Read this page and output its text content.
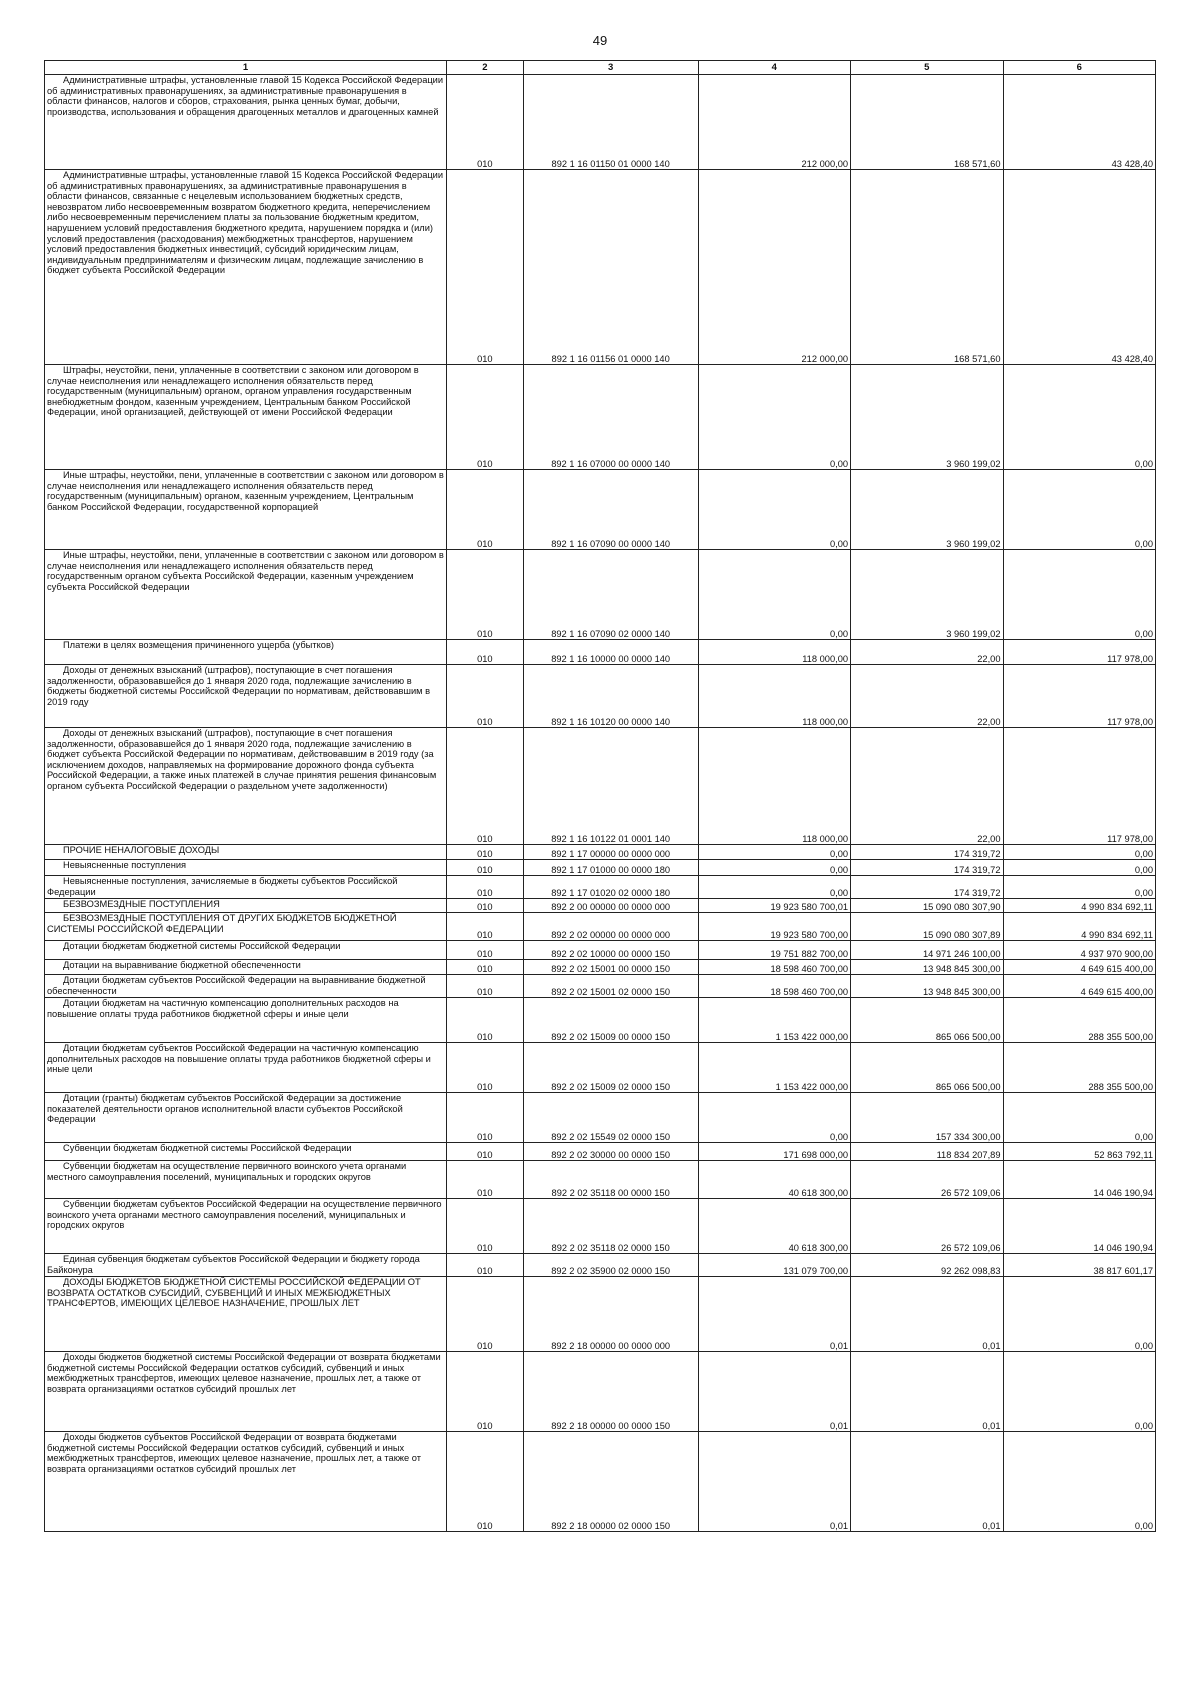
49
1	2	3	4	5	6
Административные штрафы, установленные главой 15 Кодекса Российской Федерации об административных правонарушениях, за административные правонарушения в области финансов, налогов и сборов, страхования, рынка ценных бумаг, добычи, производства, использования и обращения драгоценных металлов и драгоценных камней	010	892 1 16 01150 01 0000 140	212 000,00	168 571,60	43 428,40
Административные штрафы, установленные главой 15 Кодекса Российской Федерации об административных правонарушениях, за административные правонарушения в области финансов, связанные с нецелевым использованием бюджетных средств, невозвратом либо несвоевременным возвратом бюджетного кредита, неперечислением либо несвоевременным перечислением платы за пользование бюджетным кредитом, нарушением условий предоставления бюджетного кредита, нарушением порядка и (или) условий предоставления (расходования) межбюджетных трансфертов, нарушением условий предоставления бюджетных инвестиций, субсидий юридическим лицам, индивидуальным предпринимателям и физическим лицам, подлежащие зачислению в бюджет субъекта Российской Федерации	010	892 1 16 01156 01 0000 140	212 000,00	168 571,60	43 428,40
Штрафы, неустойки, пени, уплаченные в соответствии с законом или договором в случае неисполнения или ненадлежащего исполнения обязательств перед государственным (муниципальным) органом, органом управления государственным внебюджетным фондом, казенным учреждением, Центральным банком Российской Федерации, иной организацией, действующей от имени Российской Федерации	010	892 1 16 07000 00 0000 140	0,00	3 960 199,02	0,00
Иные штрафы, неустойки, пени, уплаченные в соответствии с законом или договором в случае неисполнения или ненадлежащего исполнения обязательств перед государственным (муниципальным) органом, казенным учреждением, Центральным банком Российской Федерации, государственной корпорацией	010	892 1 16 07090 00 0000 140	0,00	3 960 199,02	0,00
Иные штрафы, неустойки, пени, уплаченные в соответствии с законом или договором в случае неисполнения или ненадлежащего исполнения обязательств перед государственным органом субъекта Российской Федерации, казенным учреждением субъекта Российской Федерации	010	892 1 16 07090 02 0000 140	0,00	3 960 199,02	0,00
Платежи в целях возмещения причиненного ущерба (убытков)	010	892 1 16 10000 00 0000 140	118 000,00	22,00	117 978,00
Доходы от денежных взысканий (штрафов), поступающие в счет погашения задолженности, образовавшейся до 1 января 2020 года, подлежащие зачислению в бюджеты бюджетной системы Российской Федерации по нормативам, действовавшим в 2019 году	010	892 1 16 10120 00 0000 140	118 000,00	22,00	117 978,00
Доходы от денежных взысканий (штрафов), поступающие в счет погашения задолженности, образовавшейся до 1 января 2020 года, подлежащие зачислению в бюджет субъекта Российской Федерации по нормативам, действовавшим в 2019 году (за исключением доходов, направляемых на формирование дорожного фонда субъекта Российской Федерации, а также иных платежей в случае принятия решения финансовым органом субъекта Российской Федерации о раздельном учете задолженности)	010	892 1 16 10122 01 0001 140	118 000,00	22,00	117 978,00
ПРОЧИЕ НЕНАЛОГОВЫЕ ДОХОДЫ	010	892 1 17 00000 00 0000 000	0,00	174 319,72	0,00
Невыясненные поступления	010	892 1 17 01000 00 0000 180	0,00	174 319,72	0,00
Невыясненные поступления, зачисляемые в бюджеты субъектов Российской Федерации	010	892 1 17 01020 02 0000 180	0,00	174 319,72	0,00
БЕЗВОЗМЕЗДНЫЕ ПОСТУПЛЕНИЯ	010	892 2 00 00000 00 0000 000	19 923 580 700,01	15 090 080 307,90	4 990 834 692,11
БЕЗВОЗМЕЗДНЫЕ ПОСТУПЛЕНИЯ ОТ ДРУГИХ БЮДЖЕТОВ БЮДЖЕТНОЙ СИСТЕМЫ РОССИЙСКОЙ ФЕДЕРАЦИИ	010	892 2 02 00000 00 0000 000	19 923 580 700,00	15 090 080 307,89	4 990 834 692,11
Дотации бюджетам бюджетной системы Российской Федерации	010	892 2 02 10000 00 0000 150	19 751 882 700,00	14 971 246 100,00	4 937 970 900,00
Дотации на выравнивание бюджетной обеспеченности	010	892 2 02 15001 00 0000 150	18 598 460 700,00	13 948 845 300,00	4 649 615 400,00
Дотации бюджетам субъектов Российской Федерации на выравнивание бюджетной обеспеченности	010	892 2 02 15001 02 0000 150	18 598 460 700,00	13 948 845 300,00	4 649 615 400,00
Дотации бюджетам на частичную компенсацию дополнительных расходов на повышение оплаты труда работников бюджетной сферы и иные цели	010	892 2 02 15009 00 0000 150	1 153 422 000,00	865 066 500,00	288 355 500,00
Дотации бюджетам субъектов Российской Федерации на частичную компенсацию дополнительных расходов на повышение оплаты труда работников бюджетной сферы и иные цели	010	892 2 02 15009 02 0000 150	1 153 422 000,00	865 066 500,00	288 355 500,00
Дотации (гранты) бюджетам субъектов Российской Федерации за достижение показателей деятельности органов исполнительной власти субъектов Российской Федерации	010	892 2 02 15549 02 0000 150	0,00	157 334 300,00	0,00
Субвенции бюджетам бюджетной системы Российской Федерации	010	892 2 02 30000 00 0000 150	171 698 000,00	118 834 207,89	52 863 792,11
Субвенции бюджетам на осуществление первичного воинского учета органами местного самоуправления поселений, муниципальных и городских округов	010	892 2 02 35118 00 0000 150	40 618 300,00	26 572 109,06	14 046 190,94
Субвенции бюджетам субъектов Российской Федерации на осуществление первичного воинского учета органами местного самоуправления поселений, муниципальных и городских округов	010	892 2 02 35118 02 0000 150	40 618 300,00	26 572 109,06	14 046 190,94
Единая субвенция бюджетам субъектов Российской Федерации и бюджету города Байконура	010	892 2 02 35900 02 0000 150	131 079 700,00	92 262 098,83	38 817 601,17
ДОХОДЫ БЮДЖЕТОВ БЮДЖЕТНОЙ СИСТЕМЫ РОССИЙСКОЙ ФЕДЕРАЦИИ ОТ ВОЗВРАТА ОСТАТКОВ СУБСИДИЙ, СУБВЕНЦИЙ И ИНЫХ МЕЖБЮДЖЕТНЫХ ТРАНСФЕРТОВ, ИМЕЮЩИХ ЦЕЛЕВОЕ НАЗНАЧЕНИЕ, ПРОШЛЫХ ЛЕТ	010	892 2 18 00000 00 0000 000	0,01	0,01	0,00
Доходы бюджетов бюджетной системы Российской Федерации от возврата бюджетами бюджетной системы Российской Федерации остатков субсидий, субвенций и иных межбюджетных трансфертов, имеющих целевое назначение, прошлых лет, а также от возврата организациями остатков субсидий прошлых лет	010	892 2 18 00000 00 0000 150	0,01	0,01	0,00
Доходы бюджетов субъектов Российской Федерации от возврата бюджетами бюджетной системы Российской Федерации остатков субсидий, субвенций и иных межбюджетных трансфертов, имеющих целевое назначение, прошлых лет, а также от возврата организациями остатков субсидий прошлых лет	010	892 2 18 00000 02 0000 150	0,01	0,01	0,00
